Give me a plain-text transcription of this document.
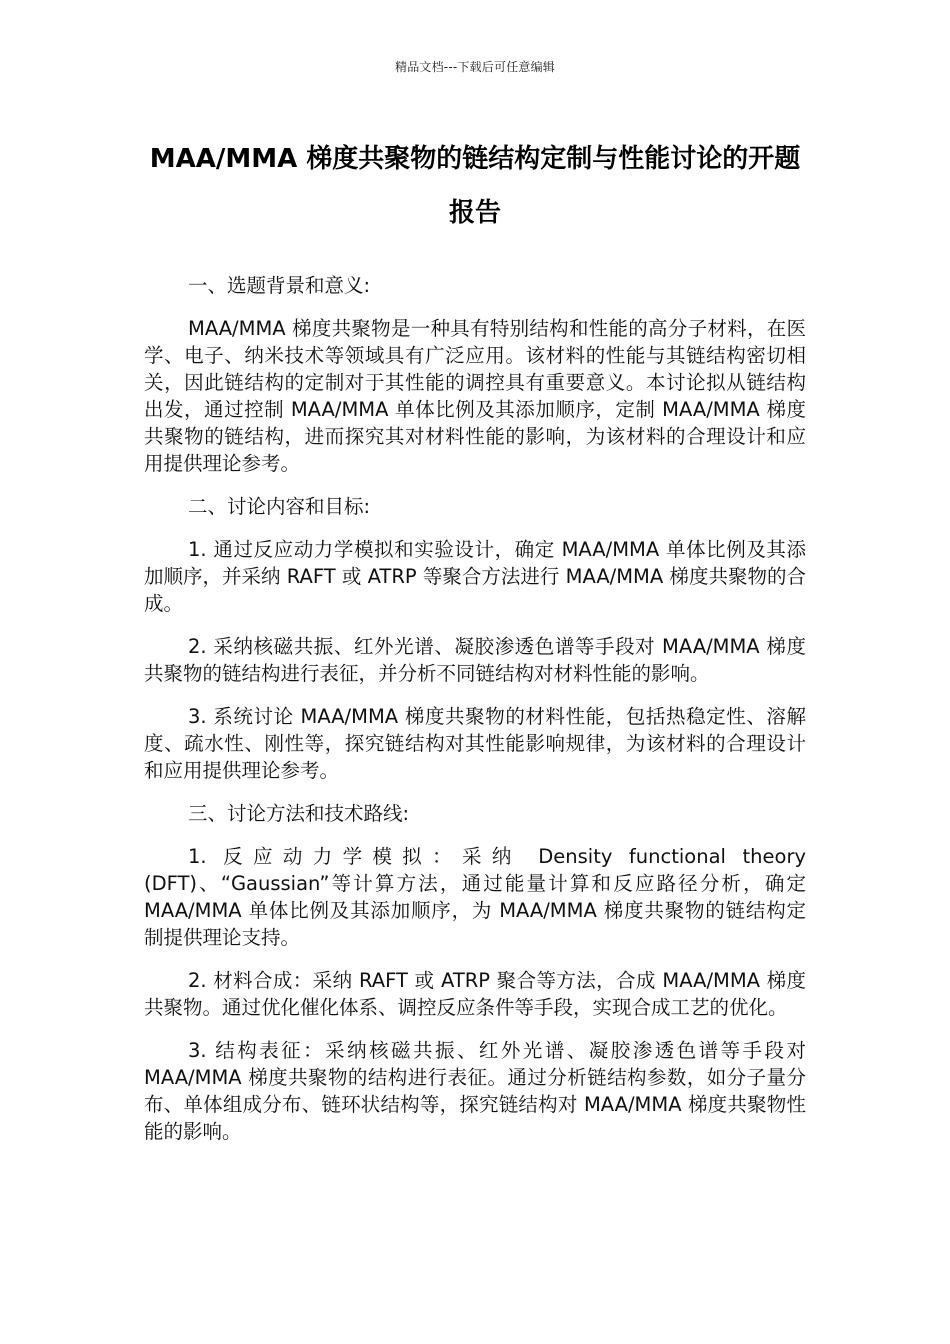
精品文档---下载后可任意编辑
MAA/MMA 梯度共聚物的链结构定制与性能讨论的开题报告

一、选题背景和意义:

MAA/MMA 梯度共聚物是一种具有特别结构和性能的高分子材料，在医学、电子、纳米技术等领域具有广泛应用。该材料的性能与其链结构密切相关，因此链结构的定制对于其性能的调控具有重要意义。本讨论拟从链结构出发，通过控制 MAA/MMA 单体比例及其添加顺序，定制 MAA/MMA 梯度共聚物的链结构，进而探究其对材料性能的影响，为该材料的合理设计和应用提供理论参考。

二、讨论内容和目标:

1. 通过反应动力学模拟和实验设计，确定 MAA/MMA 单体比例及其添加顺序，并采纳 RAFT 或 ATRP 等聚合方法进行 MAA/MMA 梯度共聚物的合成。

2. 采纳核磁共振、红外光谱、凝胶渗透色谱等手段对 MAA/MMA 梯度共聚物的链结构进行表征，并分析不同链结构对材料性能的影响。

3. 系统讨论 MAA/MMA 梯度共聚物的材料性能，包括热稳定性、溶解度、疏水性、刚性等，探究链结构对其性能影响规律，为该材料的合理设计和应用提供理论参考。

三、讨论方法和技术路线:

1. 反应动力学模拟：采纳 Density functional theory (DFT)、“Gaussian”等计算方法，通过能量计算和反应路径分析，确定 MAA/MMA 单体比例及其添加顺序，为 MAA/MMA 梯度共聚物的链结构定制提供理论支持。

2. 材料合成：采纳 RAFT 或 ATRP 聚合等方法，合成 MAA/MMA 梯度共聚物。通过优化催化体系、调控反应条件等手段，实现合成工艺的优化。

3. 结构表征：采纳核磁共振、红外光谱、凝胶渗透色谱等手段对 MAA/MMA 梯度共聚物的结构进行表征。通过分析链结构参数，如分子量分布、单体组成分布、链环状结构等，探究链结构对 MAA/MMA 梯度共聚物性能的影响。
